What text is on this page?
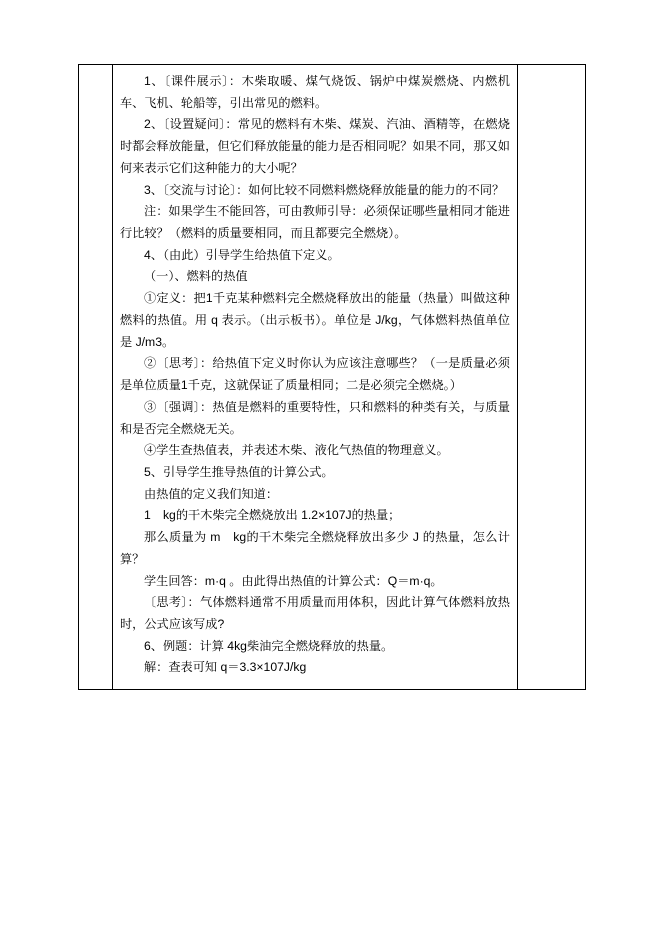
1、〔课件展示〕：木柴取暖、煤气烧饭、锅炉中煤炭燃烧、内燃机车、飞机、轮船等，引出常见的燃料。

2、〔设置疑问〕：常见的燃料有木柴、煤炭、汽油、酒精等，在燃烧时都会释放能量，但它们释放能量的能力是否相同呢？如果不同，那又如何来表示它们这种能力的大小呢？

3、〔交流与讨论〕：如何比较不同燃料燃烧释放能量的能力的不同？

注：如果学生不能回答，可由教师引导：必须保证哪些量相同才能进行比较？（燃料的质量要相同，而且都要完全燃烧）。

4、（由此）引导学生给热值下定义。

（一）、燃料的热值

①定义：把1千克某种燃料完全燃烧释放出的能量（热量）叫做这种燃料的热值。用 q 表示。（出示板书）。单位是 J/kg，气体燃料热值单位是 J/m3。

②〔思考〕：给热值下定义时你认为应该注意哪些？（一是质量必须是单位质量1千克，这就保证了质量相同；二是必须完全燃烧。）

③〔强调〕：热值是燃料的重要特性，只和燃料的种类有关，与质量和是否完全燃烧无关。

④学生查热值表，并表述木柴、液化气热值的物理意义。

5、引导学生推导热值的计算公式。

由热值的定义我们知道：

1　kg的干木柴完全燃烧放出 1.2×107J的热量；

那么质量为 m　kg的干木柴完全燃烧释放出多少 J 的热量，怎么计算？

学生回答：m·q 。由此得出热值的计算公式：Q＝m·q。

〔思考〕：气体燃料通常不用质量而用体积，因此计算气体燃料放热时，公式应该写成?

6、例题：计算 4kg柴油完全燃烧释放的热量。

解：查表可知 q＝3.3×107J/kg
